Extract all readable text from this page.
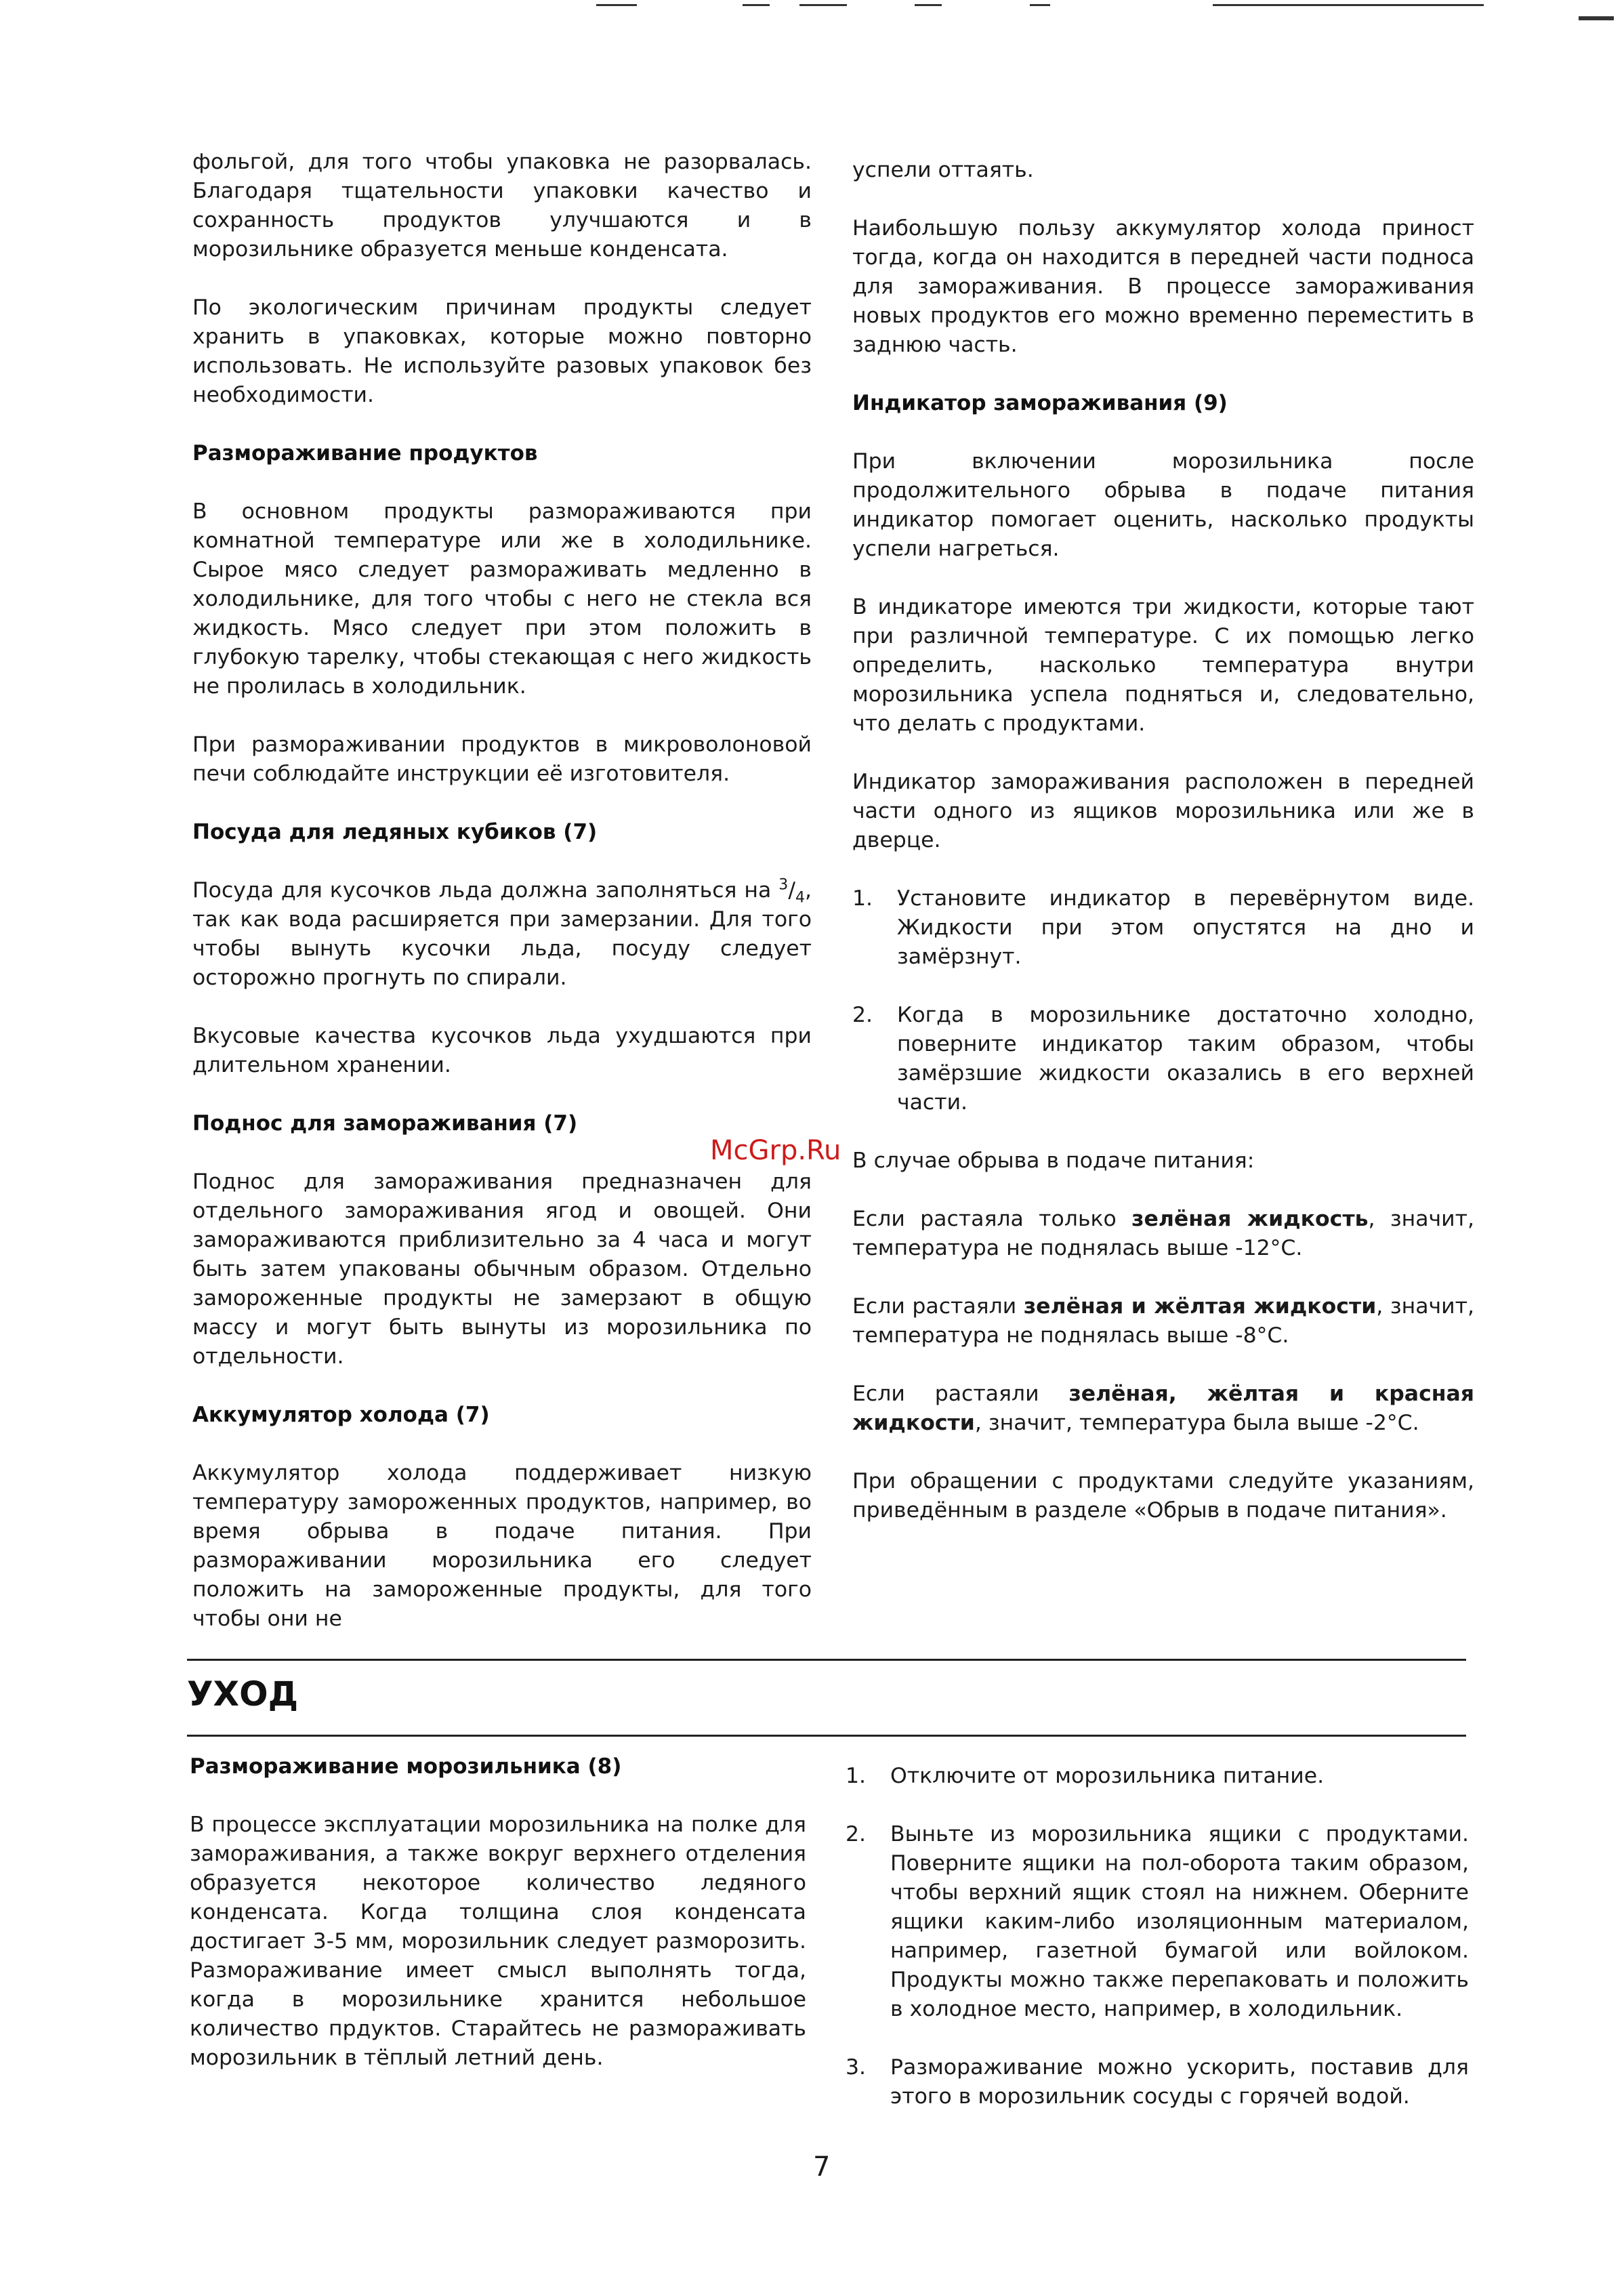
фольгой, для того чтобы упаковка не разорвалась. Благодаря тщательности упаковки качество и сохранность продуктов улучшаются и в морозильнике образуется меньше конденсата.

По экологическим причинам продукты следует хранить в упаковках, которые можно повторно использовать. Не используйте разовых упаковок без необходимости.

Размораживание продуктов

В основном продукты размораживаются при комнатной температуре или же в холодильнике. Сырое мясо следует размораживать медленно в холодильнике, для того чтобы с него не стекла вся жидкость. Мясо следует при этом положить в глубокую тарелку, чтобы стекающая с него жидкость не пролилась в холодильник.

При размораживании продуктов в микроволоновой печи соблюдайте инструкции её изготовителя.

Посуда для ледяных кубиков (7)

Посуда для кусочков льда должна заполняться на $^3/_4$, так как вода расширяется при замерзании. Для того чтобы вынуть кусочки льда, посуду следует осторожно прогнуть по спирали.

Вкусовые качества кусочков льда ухудшаются при длительном хранении.

Поднос для замораживания (7)

Поднос для замораживания предназначен для отдельного замораживания ягод и овощей. Они замораживаются приблизительно за 4 часа и могут быть затем упакованы обычным образом. Отдельно замороженные продукты не замерзают в общую массу и могут быть вынуты из морозильника по отдельности.

Аккумулятор холода (7)

Аккумулятор холода поддерживает низкую температуру замороженных продуктов, например, во время обрыва в подаче питания. При размораживании морозильника его следует положить на замороженные продукты, для того чтобы они не

успели оттаять.

Наибольшую пользу аккумулятор холода приност тогда, когда он находится в передней части подноса для замораживания. В процессе замораживания новых продуктов его можно временно переместить в заднюю часть.

Индикатор замораживания (9)

При включении морозильника после продолжительного обрыва в подаче питания индикатор помогает оценить, насколько продукты успели нагреться.

В индикаторе имеются три жидкости, которые тают при различной температуре. С их помощью легко определить, насколько температура внутри морозильника успела подняться и, следовательно, что делать с продуктами.

Индикатор замораживания расположен в передней части одного из ящиков морозильника или же в дверце.

1.	Установите индикатор в перевёрнутом виде. Жидкости при этом опустятся на дно и замёрзнут.

2.	Когда в морозильнике достаточно холодно, поверните индикатор таким образом, чтобы замёрзшие жидкости оказались в его верхней части.

В случае обрыва в подаче питания:

Если растаяла только зелёная жидкость, значит, температура не поднялась выше -12°C.

Если растаяли зелёная и жёлтая жидкости, значит, температура не поднялась выше -8°C.

Если растаяли зелёная, жёлтая и красная жидкости, значит, температура была выше -2°C.

При обращении с продуктами следуйте указаниям, приведённым в разделе «Обрыв в подаче питания».

McGrp.Ru
УХОД
Размораживание морозильника (8)

В процессе эксплуатации морозильника на полке для замораживания, а также вокруг верхнего отделения образуется некоторое количество ледяного конденсата. Когда толщина слоя конденсата достигает 3-5 мм, морозильник следует разморозить. Размораживание имеет смысл выполнять тогда, когда в морозильнике хранится небольшое количество прдуктов. Старайтесь не размораживать морозильник в тёплый летний день.

1.	Отключите от морозильника питание.

2.	Выньте из морозильника ящики с продуктами. Поверните ящики на пол-оборота таким образом, чтобы верхний ящик стоял на нижнем. Оберните ящики каким-либо изоляционным материалом, например, газетной бумагой или войлоком. Продукты можно также перепаковать и положить в холодное место, например, в холодильник.

3.	Размораживание можно ускорить, поставив для этого в морозильник сосуды с горячей водой.

7
